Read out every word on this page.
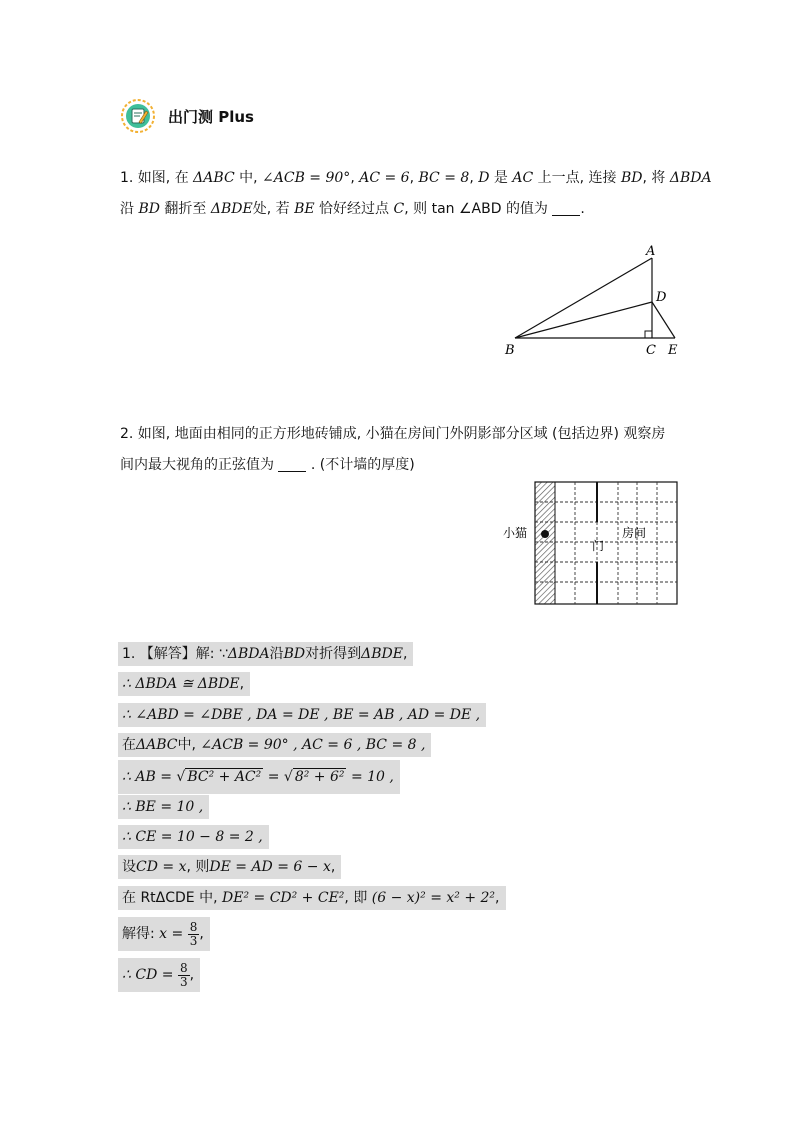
出门测 Plus
1. 如图, 在 ΔABC 中, ∠ACB = 90°, AC = 6, BC = 8, D 是 AC 上一点, 连接 BD, 将 ΔBDA
沿 BD 翻折至 ΔBDE处, 若 BE 恰好经过点 C, 则 tan ∠ABD 的值为 .
A
D
B	C E
2. 如图, 地面由相同的正方形地砖铺成, 小猫在房间门外阴影部分区域 (包括边界) 观察房
间内最大视角的正弦值为	. (不计墙的厚度)
小猫
门
房间
1. 【解答】解: ∵ΔBDA沿BD对折得到ΔBDE,
∴ ΔBDA ≅ ΔBDE,
∴ ∠ABD = ∠DBE , DA = DE , BE = AB , AD = DE ,
在ΔABC中, ∠ACB = 90° , AC = 6 , BC = 8 ,
∴ AB = √ BC² + AC² = √ 8² + 6² = 10 ,
∴ BE = 10 ,
∴ CE = 10 − 8 = 2 ,
设CD = x, 则DE = AD = 6 − x,
在 RtΔCDE 中, DE² = CD² + CE², 即 (6 − x)² = x² + 2²,
解得: $x = \frac{8}{3}$ ,
∴ CD = $\frac{8}{3}$ ,
